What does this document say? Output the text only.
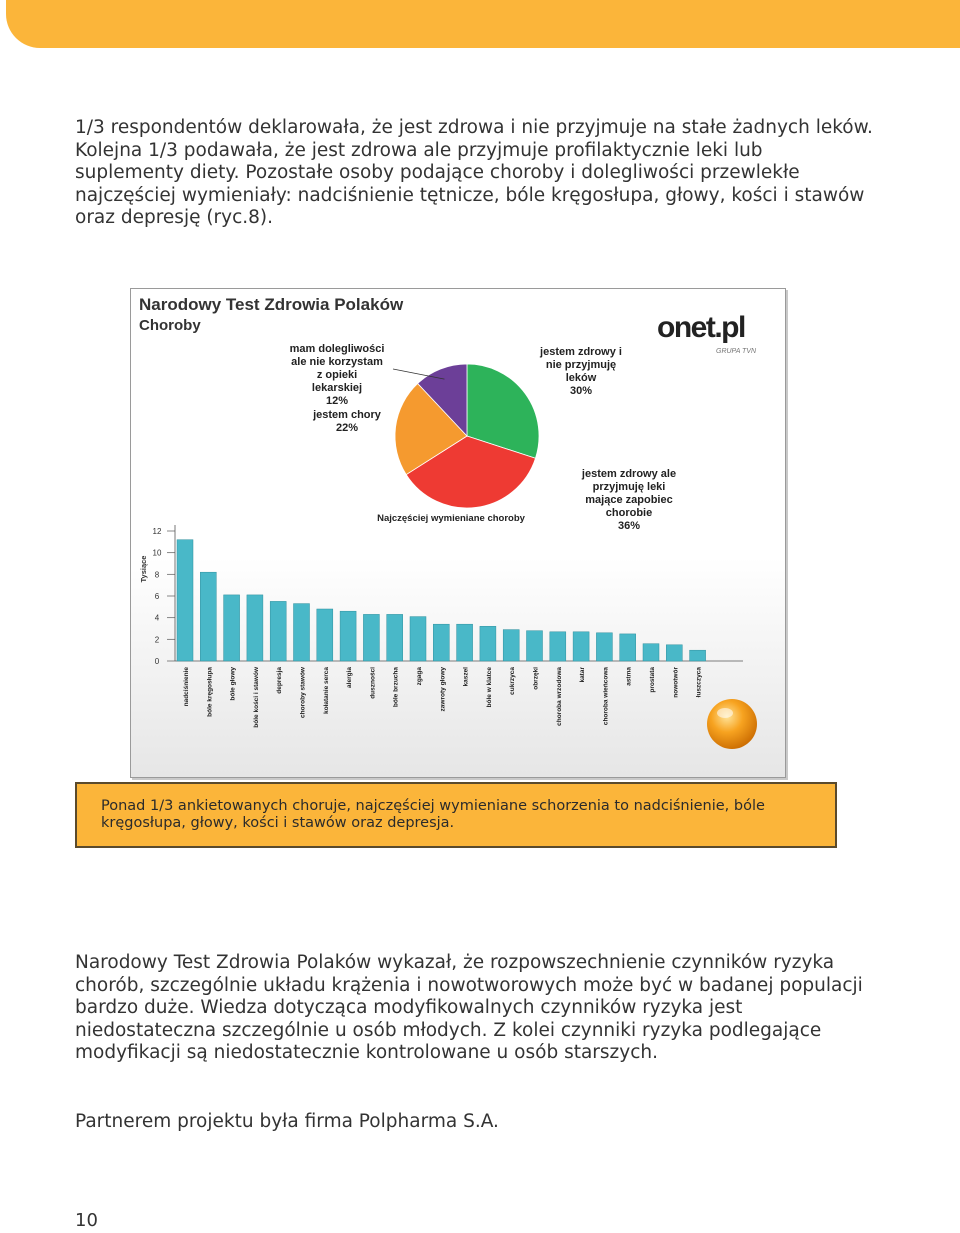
1/3 respondentów deklarowała, że jest zdrowa i nie przyjmuje na stałe żadnych leków. Kolejna 1/3 podawała, że jest zdrowa ale przyjmuje profilaktycznie leki lub suplementy diety. Pozostałe osoby podające choroby i dolegliwości przewlekłe najczęściej wymieniały: nadciśnienie tętnicze, bóle kręgosłupa, głowy, kości i stawów oraz depresję (ryc.8).

Narodowy Test Zdrowia Polaków
Choroby	onet.pl
GRUPA TVN
jestem zdrowy i
nie przyjmuję
leków
30%
jestem zdrowy ale
przyjmuję leki
mające zapobiec
chorobie
36%
jestem chory
22%
mam dolegliwości
ale nie korzystam
z opieki
lekarskiej
12%
Najczęściej wymieniane choroby
Tysiące
0
2
4
6
8
10
12
nadciśnienie	bóle kręgosłupa	bóle głowy	bóle kości i stawów	depresja	choroby stawów	kołatanie serca	alergia	duszności	bóle brzucha	zgaga	zawroty głowy	kaszel	bóle w klatce	cukrzyca	obrzęki	choroba wrzodowa	katar	choroba wieńcowa	astma	prostata	nowotwór	łuszczyca
Ponad 1/3 ankietowanych choruje, najczęściej wymieniane schorzenia to nadciśnienie, bóle kręgosłupa, głowy, kości i stawów oraz depresja.

Narodowy Test Zdrowia Polaków wykazał, że rozpowszechnienie czynników ryzyka chorób, szczególnie układu krążenia i nowotworowych może być w badanej populacji bardzo duże. Wiedza dotycząca modyfikowalnych czynników ryzyka jest niedostateczna szczególnie u osób młodych. Z kolei czynniki ryzyka podlegające modyfikacji są niedostatecznie kontrolowane u osób starszych.

Partnerem projektu była firma Polpharma S.A.

10
